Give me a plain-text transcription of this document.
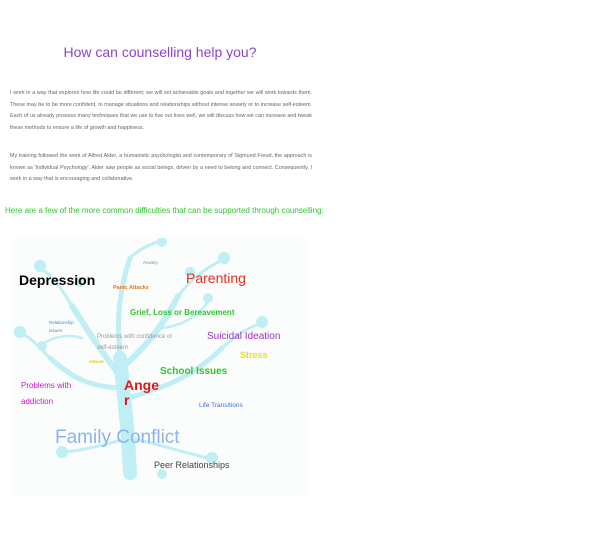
How can counselling help you?

I work in a way that explores how life could be different; we will set achievable goals and together we will work towards them. These may be to be more confident, to manage situations and relationships without intense anxiety or to increase self-esteem. Each of us already possess many techniques that we use to live our lives well, we will discuss how we can increase and tweak these methods to ensure a life of growth and happiness.

My training followed the work of Alfred Alder, a humanistic psychologist and contemporary of Sigmund Freud, the approach is known as 'Individual Psychology'. Alder saw people as social beings, driven by a need to belong and connect. Consequently, I work in a way that is encouraging and collaborative.

Here are a few of the more common difficulties that can be supported through counselling:
Depression
Anxiety
Parenting
Panic Attacks
Grief, Loss or Bereavement
Relationship
Issues
Problems with confidence or
self-esteem
Suicidal Ideation
Stress
Abuse
School Issues
Problems with
addiction
Ange
r	Life Transitions
Family Conflict
Peer Relationships
